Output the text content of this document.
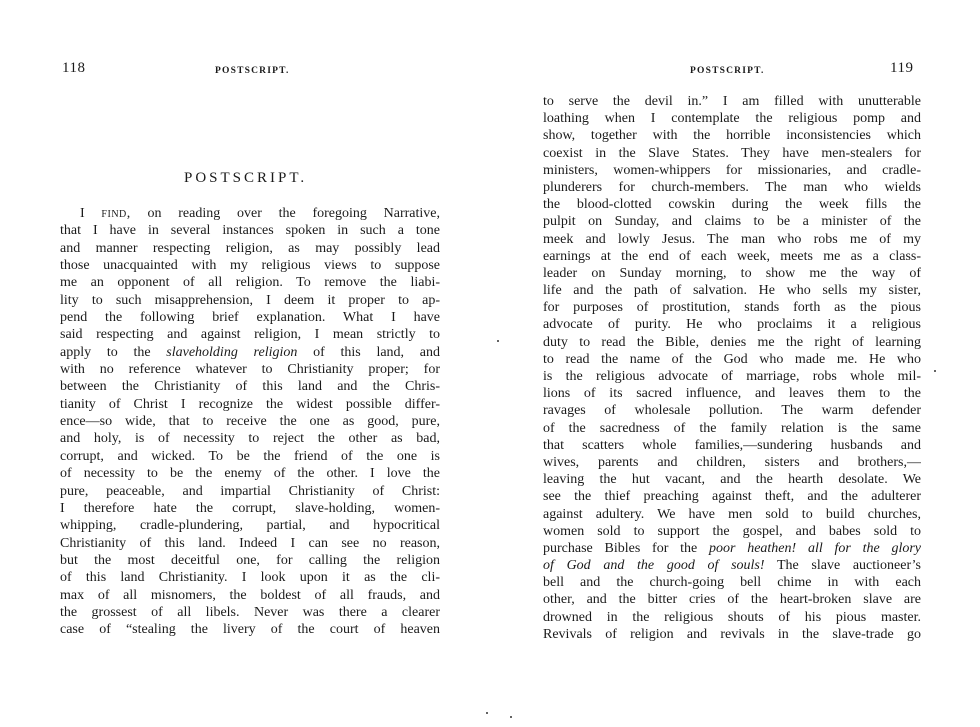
118	POSTSCRIPT.
POSTSCRIPT.
I find, on reading over the foregoing Narrative,
that I have in several instances spoken in such a tone
and manner respecting religion, as may possibly lead
those unacquainted with my religious views to suppose
me an opponent of all religion. To remove the liabi-
lity to such misapprehension, I deem it proper to ap-
pend the following brief explanation. What I have
said respecting and against religion, I mean strictly to
apply to the slaveholding religion of this land, and
with no reference whatever to Christianity proper; for
between the Christianity of this land and the Chris-
tianity of Christ I recognize the widest possible differ-
ence—so wide, that to receive the one as good, pure,
and holy, is of necessity to reject the other as bad,
corrupt, and wicked. To be the friend of the one is
of necessity to be the enemy of the other. I love the
pure, peaceable, and impartial Christianity of Christ:
I therefore hate the corrupt, slave-holding, women-
whipping, cradle-plundering, partial, and hypocritical
Christianity of this land. Indeed I can see no reason,
but the most deceitful one, for calling the religion
of this land Christianity. I look upon it as the cli-
max of all misnomers, the boldest of all frauds, and
the grossest of all libels. Never was there a clearer
case of “stealing the livery of the court of heaven
119
POSTSCRIPT.
to serve the devil in.” I am filled with unutterable
loathing when I contemplate the religious pomp and
show, together with the horrible inconsistencies which
coexist in the Slave States. They have men-stealers for
ministers, women-whippers for missionaries, and cradle-
plunderers for church-members. The man who wields
the blood-clotted cowskin during the week fills the
pulpit on Sunday, and claims to be a minister of the
meek and lowly Jesus. The man who robs me of my
earnings at the end of each week, meets me as a class-
leader on Sunday morning, to show me the way of
life and the path of salvation. He who sells my sister,
for purposes of prostitution, stands forth as the pious
advocate of purity. He who proclaims it a religious
duty to read the Bible, denies me the right of learning
to read the name of the God who made me. He who
is the religious advocate of marriage, robs whole mil-
lions of its sacred influence, and leaves them to the
ravages of wholesale pollution. The warm defender
of the sacredness of the family relation is the same
that scatters whole families,—sundering husbands and
wives, parents and children, sisters and brothers,—
leaving the hut vacant, and the hearth desolate. We
see the thief preaching against theft, and the adulterer
against adultery. We have men sold to build churches,
women sold to support the gospel, and babes sold to
purchase Bibles for the poor heathen! all for the glory
of God and the good of souls! The slave auctioneer’s
bell and the church-going bell chime in with each
other, and the bitter cries of the heart-broken slave are
drowned in the religious shouts of his pious master.
Revivals of religion and revivals in the slave-trade go
